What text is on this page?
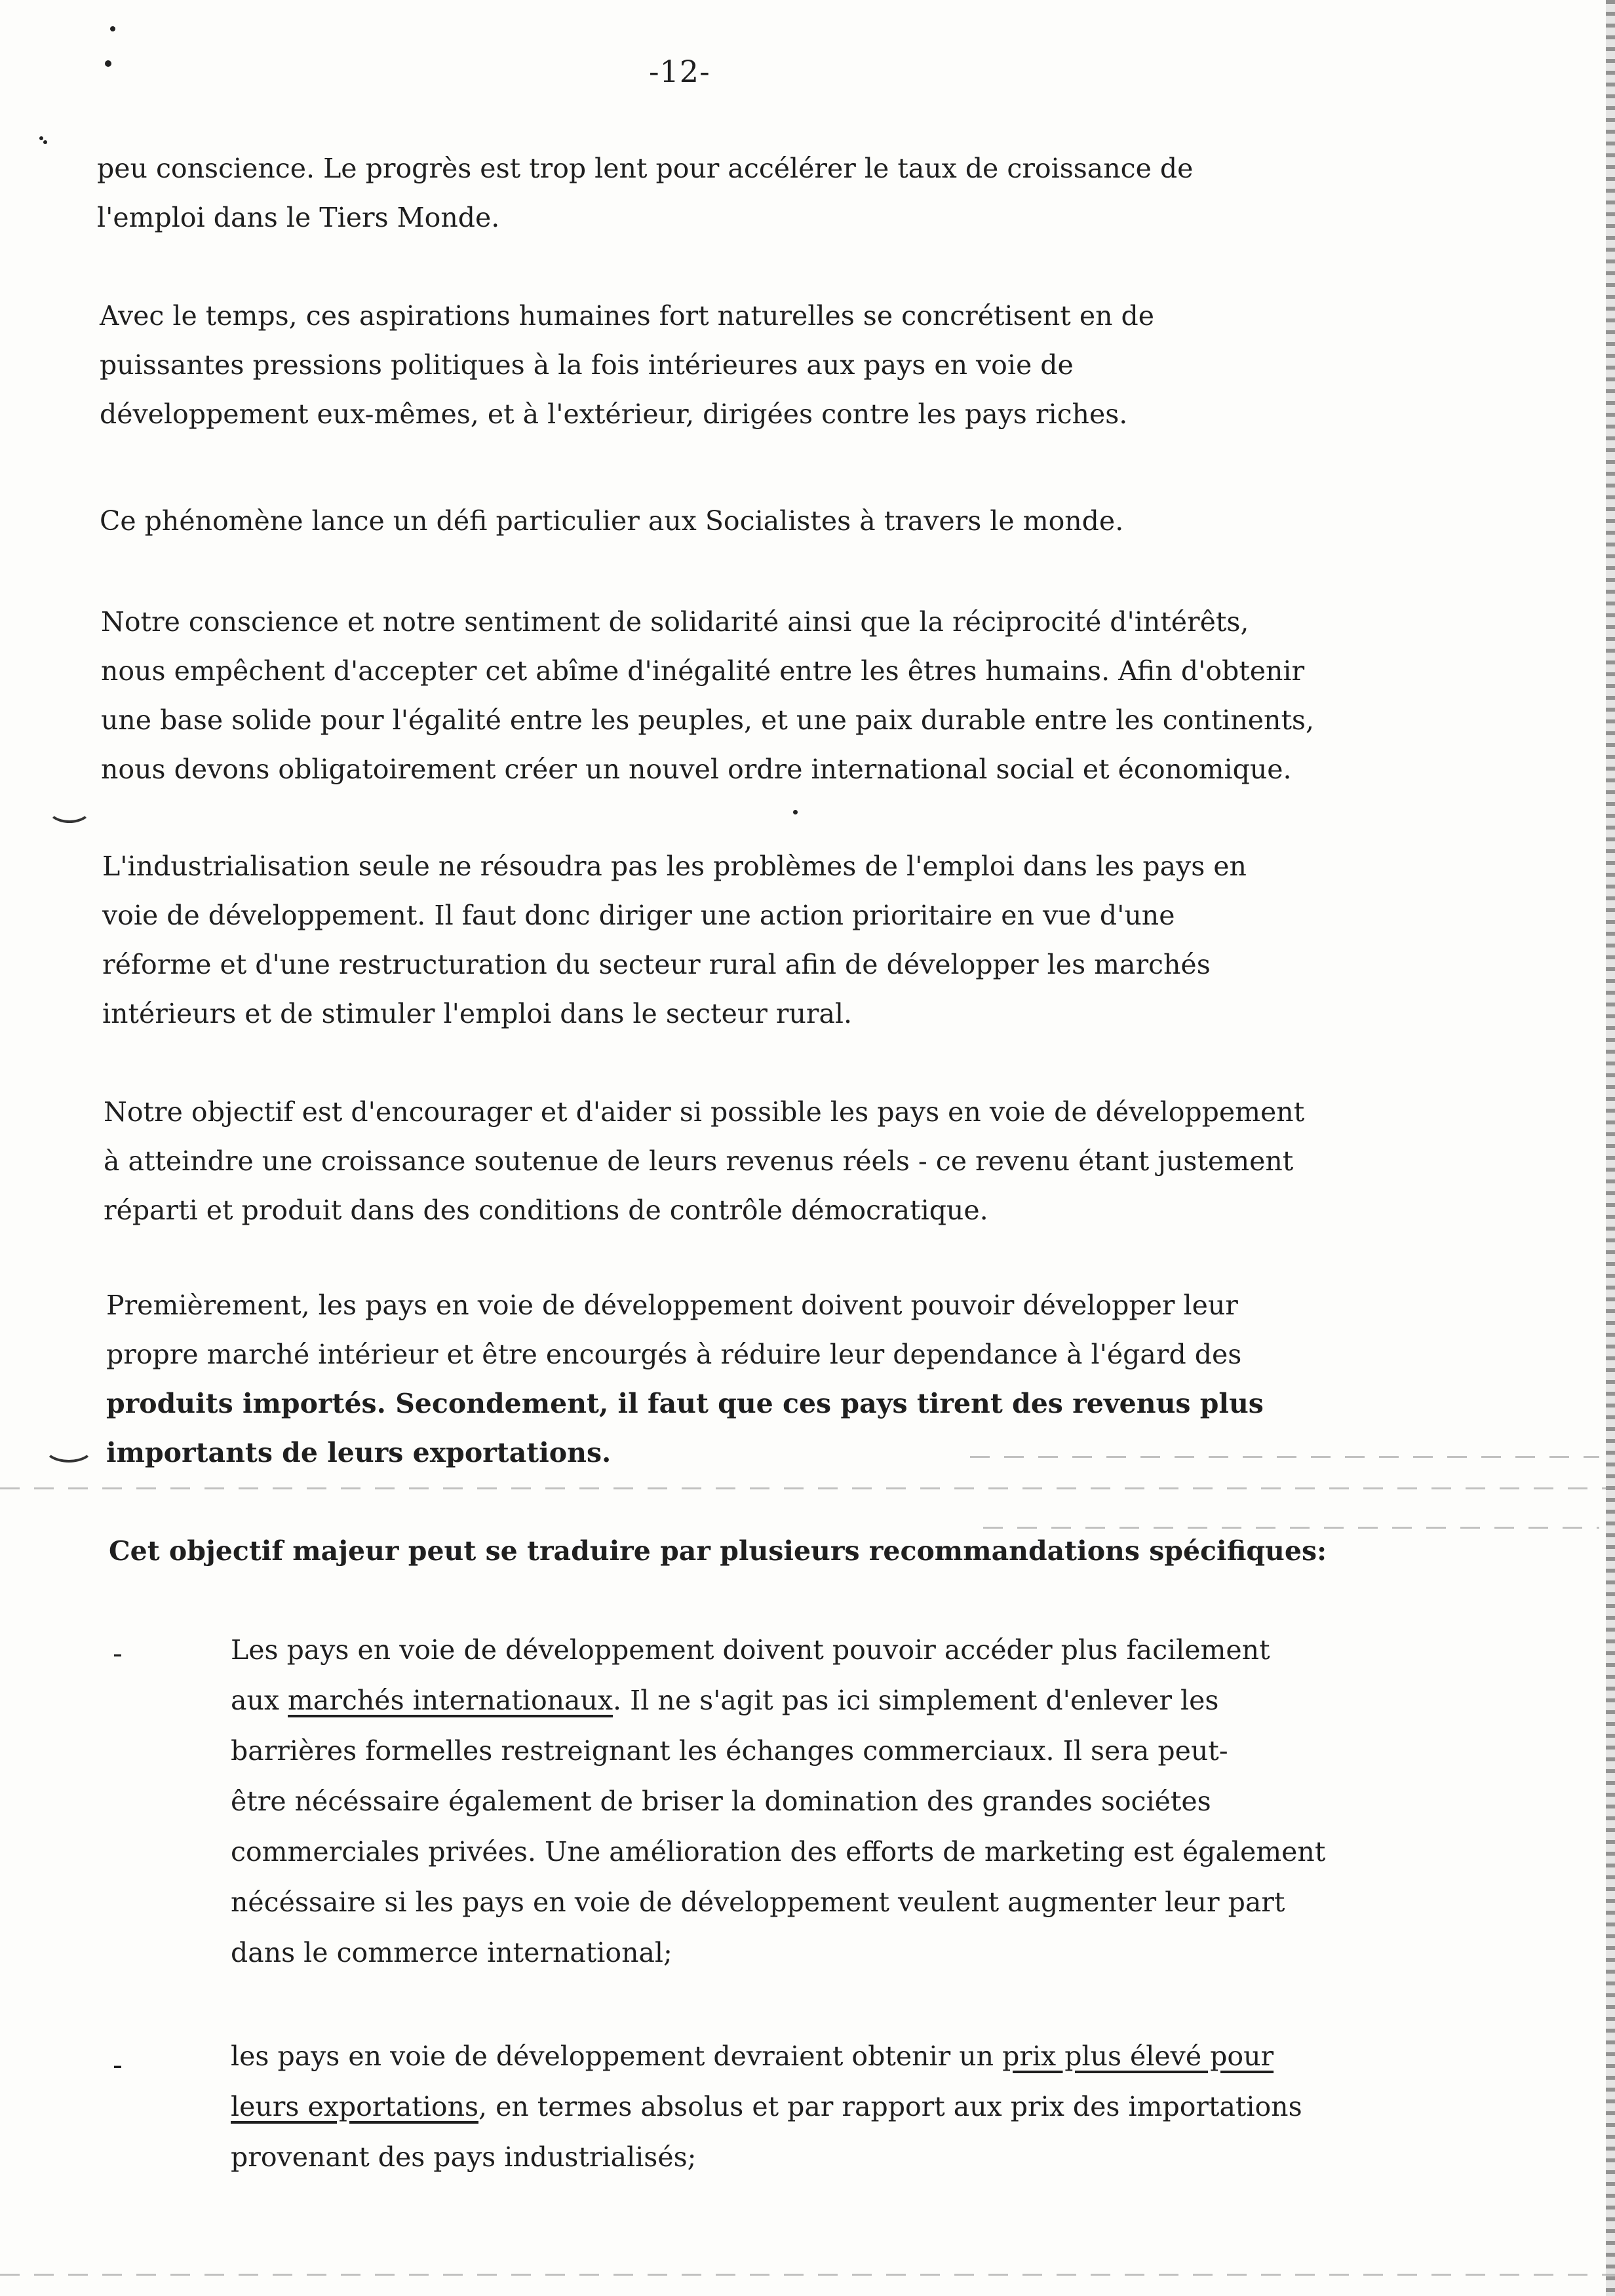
-12-
peu conscience. Le progrès est trop lent pour accélérer le taux de croissance de
l'emploi dans le Tiers Monde.
Avec le temps, ces aspirations humaines fort naturelles se concrétisent en de
puissantes pressions politiques à la fois intérieures aux pays en voie de
développement eux-mêmes, et à l'extérieur, dirigées contre les pays riches.
Ce phénomène lance un défi particulier aux Socialistes à travers le monde.
Notre conscience et notre sentiment de solidarité ainsi que la réciprocité d'intérêts,
nous empêchent d'accepter cet abîme d'inégalité entre les êtres humains. Afin d'obtenir
une base solide pour l'égalité entre les peuples, et une paix durable entre les continents,
nous devons obligatoirement créer un nouvel ordre international social et économique.
L'industrialisation seule ne résoudra pas les problèmes de l'emploi dans les pays en
voie de développement. Il faut donc diriger une action prioritaire en vue d'une
réforme et d'une restructuration du secteur rural afin de développer les marchés
intérieurs et de stimuler l'emploi dans le secteur rural.
Notre objectif est d'encourager et d'aider si possible les pays en voie de développement
à atteindre une croissance soutenue de leurs revenus réels - ce revenu étant justement
réparti et produit dans des conditions de contrôle démocratique.
Premièrement, les pays en voie de développement doivent pouvoir développer leur
propre marché intérieur et être encourgés à réduire leur dependance à l'égard des
produits importés. Secondement, il faut que ces pays tirent des revenus plus
importants de leurs exportations.
Cet objectif majeur peut se traduire par plusieurs recommandations spécifiques:
-	Les pays en voie de développement doivent pouvoir accéder plus facilement
aux marchés internationaux. Il ne s'agit pas ici simplement d'enlever les
barrières formelles restreignant les échanges commerciaux. Il sera peut-
être nécéssaire également de briser la domination des grandes sociétes
commerciales privées. Une amélioration des efforts de marketing est également
nécéssaire si les pays en voie de développement veulent augmenter leur part
dans le commerce international;
-	les pays en voie de développement devraient obtenir un prix plus élevé pour
leurs exportations, en termes absolus et par rapport aux prix des importations
provenant des pays industrialisés;
